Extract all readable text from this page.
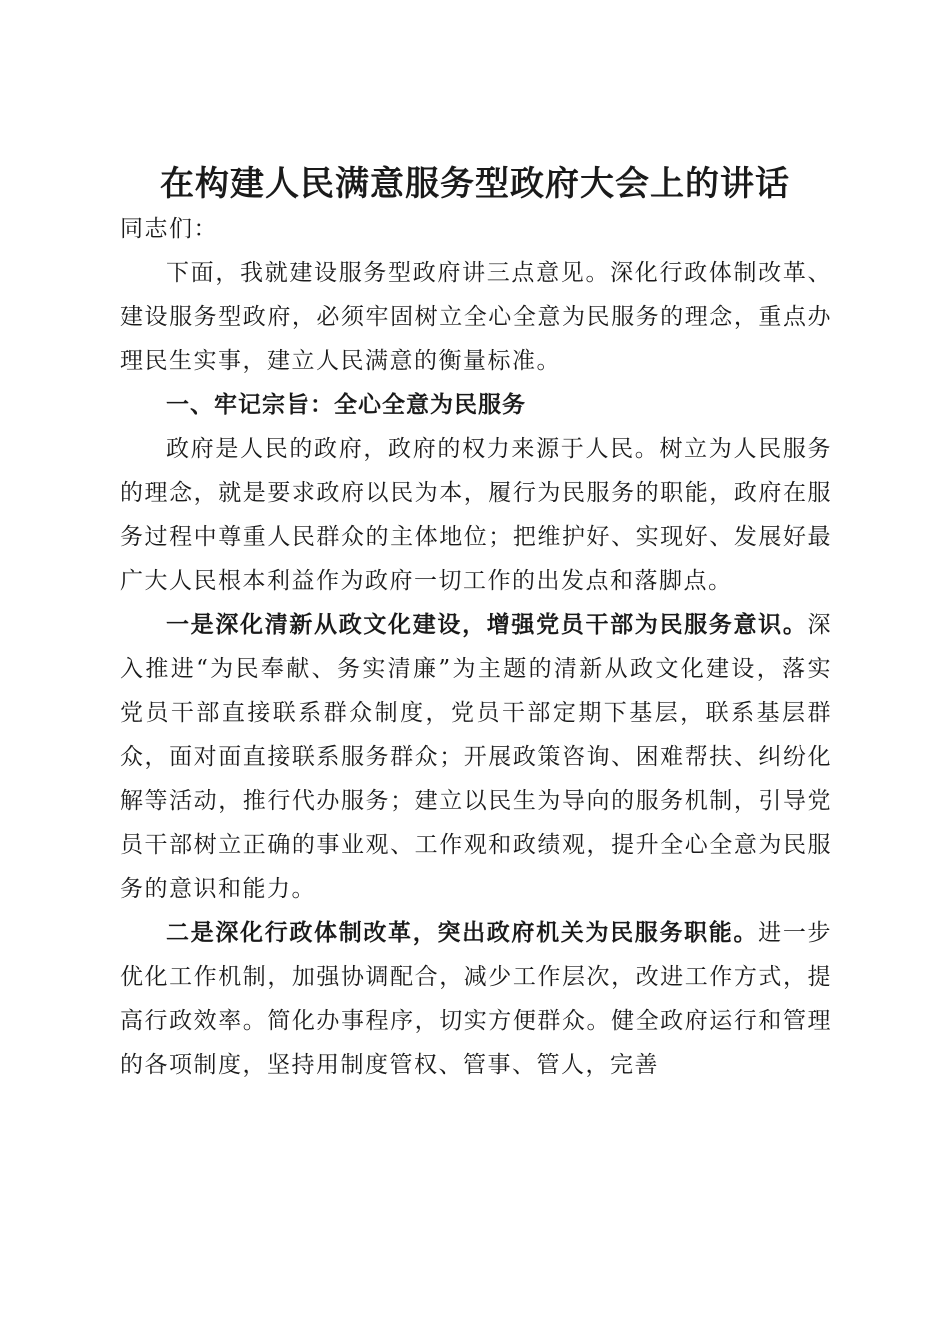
在构建人民满意服务型政府大会上的讲话

同志们：

下面，我就建设服务型政府讲三点意见。深化行政体制改革、建设服务型政府，必须牢固树立全心全意为民服务的理念，重点办理民生实事，建立人民满意的衡量标准。

一、牢记宗旨：全心全意为民服务

政府是人民的政府，政府的权力来源于人民。树立为人民服务的理念，就是要求政府以民为本，履行为民服务的职能，政府在服务过程中尊重人民群众的主体地位；把维护好、实现好、发展好最广大人民根本利益作为政府一切工作的出发点和落脚点。

一是深化清新从政文化建设，增强党员干部为民服务意识。深入推进“为民奉献、务实清廉”为主题的清新从政文化建设，落实党员干部直接联系群众制度，党员干部定期下基层，联系基层群众，面对面直接联系服务群众；开展政策咨询、困难帮扶、纠纷化解等活动，推行代办服务；建立以民生为导向的服务机制，引导党员干部树立正确的事业观、工作观和政绩观，提升全心全意为民服务的意识和能力。

二是深化行政体制改革，突出政府机关为民服务职能。进一步优化工作机制，加强协调配合，减少工作层次，改进工作方式，提高行政效率。简化办事程序，切实方便群众。健全政府运行和管理的各项制度，坚持用制度管权、管事、管人，完善
